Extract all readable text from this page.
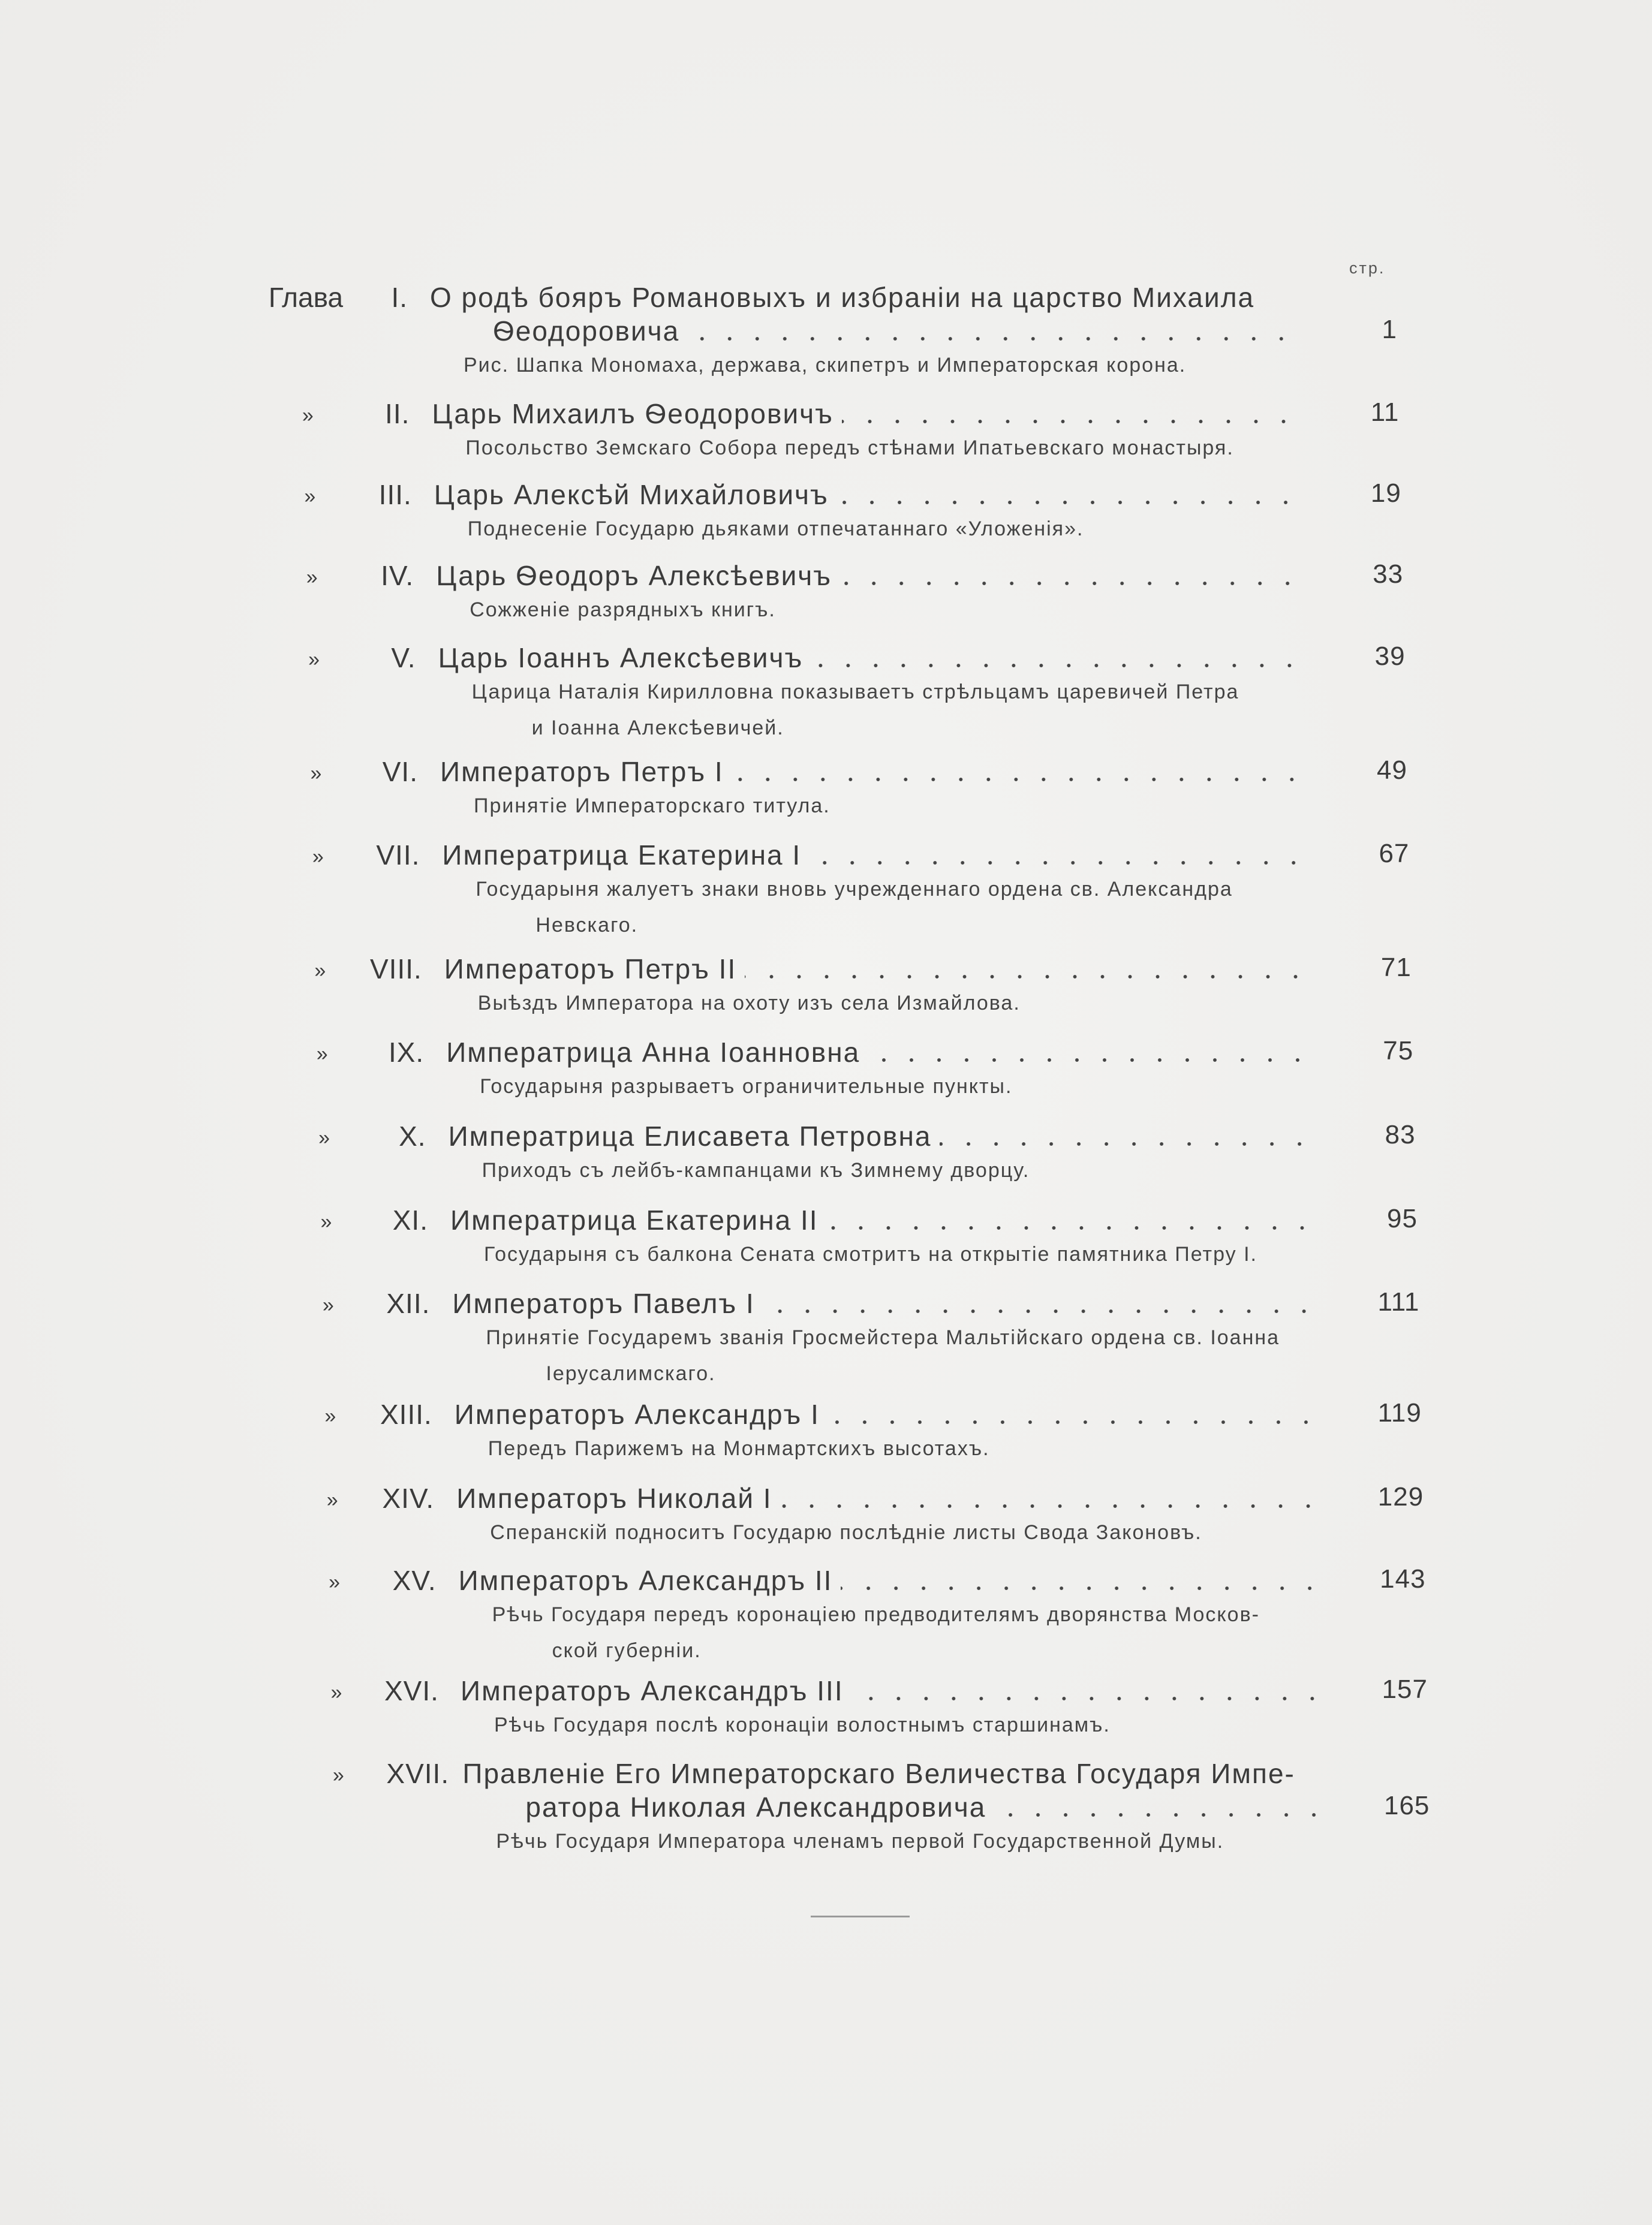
стр.
Глава	I. О родѣ бояръ Романовыхъ и избраніи на царство Михаила
Ѳеодоровича	1
Рис. Шапка Мономаха, держава, скипетръ и Императорская корона.
»	II. Царь Михаилъ Ѳеодоровичъ	11
Посольство Земскаго Собора передъ стѣнами Ипатьевскаго монастыря.
»	III. Царь Алексѣй Михайловичъ	19
Поднесеніе Государю дьяками отпечатаннаго «Уложенія».
»	IV. Царь Ѳеодоръ Алексѣевичъ	33
Сожженіе разрядныхъ книгъ.
»	V. Царь Іоаннъ Алексѣевичъ	39
Царица Наталія Кирилловна показываетъ стрѣльцамъ царевичей Петра
и Іоанна Алексѣевичей.
»	VI. Императоръ Петръ I	49
Принятіе Императорскаго титула.
»	VII. Императрица Екатерина I	67
Государыня жалуетъ знаки вновь учрежденнаго ордена св. Александра
Невскаго.
»	VIII. Императоръ Петръ II	71
Выѣздъ Императора на охоту изъ села Измайлова.
»	IX. Императрица Анна Іоанновна	75
Государыня разрываетъ ограничительные пункты.
»	X. Императрица Елисавета Петровна	83
Приходъ съ лейбъ-кампанцами къ Зимнему дворцу.
»	XI. Императрица Екатерина II	95
Государыня съ балкона Сената смотритъ на открытіе памятника Петру I.
»	XII. Императоръ Павелъ I	111
Принятіе Государемъ званія Гросмейстера Мальтійскаго ордена св. Іоанна
Іерусалимскаго.
»	XIII. Императоръ Александръ I	119
Передъ Парижемъ на Монмартскихъ высотахъ.
»	XIV. Императоръ Николай I	129
Сперанскій подноситъ Государю послѣдніе листы Свода Законовъ.
»	XV. Императоръ Александръ II	143
Рѣчь Государя передъ коронаціею предводителямъ дворянства Москов-
ской губерніи.
»	XVI. Императоръ Александръ III	157
Рѣчь Государя послѣ коронаціи волостнымъ старшинамъ.
»	XVII. Правленіе Его Императорскаго Величества Государя Импе-
ратора Николая Александровича	165
Рѣчь Государя Императора членамъ первой Государственной Думы.
